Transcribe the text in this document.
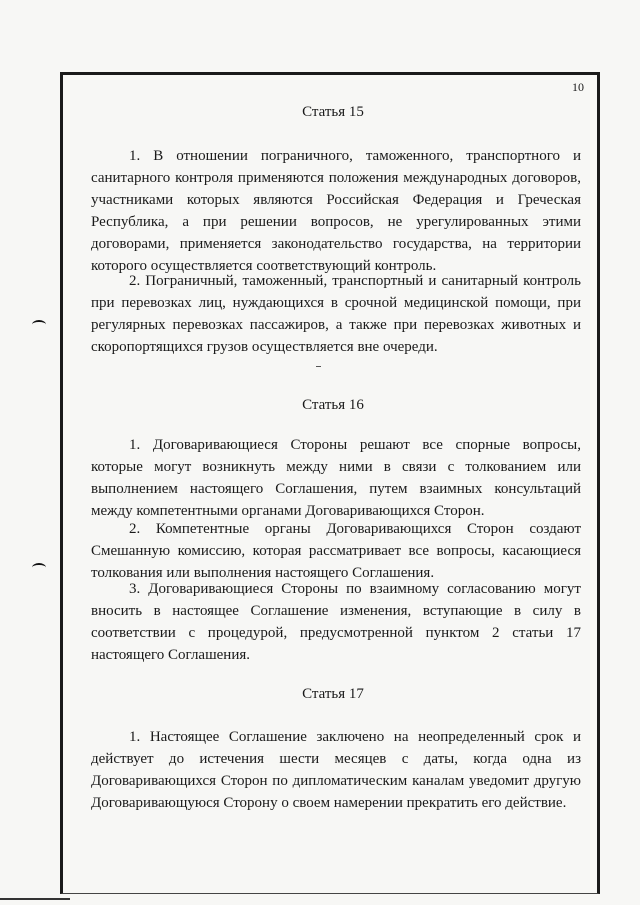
10
Статья 15
1. В отношении пограничного, таможенного, транспортного и санитарного контроля применяются положения международных договоров, участниками которых являются Российская Федерация и Греческая Республика, а при решении вопросов, не урегулированных этими договорами, применяется законодательство государства, на территории которого осуществляется соответствующий контроль.
2. Пограничный, таможенный, транспортный и санитарный контроль при перевозках лиц, нуждающихся в срочной медицинской помощи, при регулярных перевозках пассажиров, а также при перевозках животных и скоропортящихся грузов осуществляется вне очереди.
Статья 16
1. Договаривающиеся Стороны решают все спорные вопросы, которые могут возникнуть между ними в связи с толкованием или выполнением настоящего Соглашения, путем взаимных консультаций между компетентными органами Договаривающихся Сторон.
2. Компетентные органы Договаривающихся Сторон создают Смешанную комиссию, которая рассматривает все вопросы, касающиеся толкования или выполнения настоящего Соглашения.
3. Договаривающиеся Стороны по взаимному согласованию могут вносить в настоящее Соглашение изменения, вступающие в силу в соответствии с процедурой, предусмотренной пунктом 2 статьи 17 настоящего Соглашения.
Статья 17
1. Настоящее Соглашение заключено на неопределенный срок и действует до истечения шести месяцев с даты, когда одна из Договаривающихся Сторон по дипломатическим каналам уведомит другую Договаривающуюся Сторону о своем намерении прекратить его действие.
